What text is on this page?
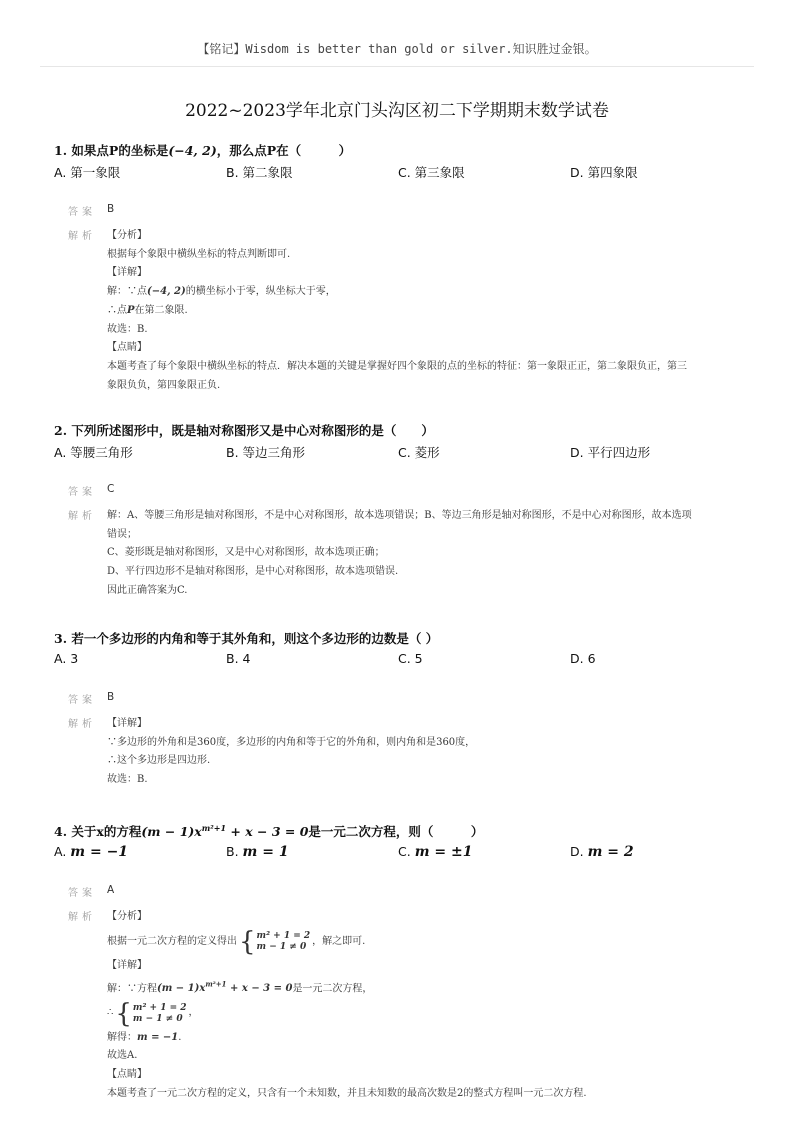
【铭记】Wisdom is better than gold or silver.知识胜过金银。
2022~2023学年北京门头沟区初二下学期期末数学试卷
1. 如果点P的坐标是(−4, 2)，那么点P在（　　　）
A. 第一象限	B. 第二象限	C. 第三象限	D. 第四象限
答案 B
解析 【分析】

根据每个象限中横纵坐标的特点判断即可.

【详解】

解：∵点(−4, 2)的横坐标小于零，纵坐标大于零，

∴点P在第二象限.

故选：B.

【点睛】

本题考查了每个象限中横纵坐标的特点．解决本题的关键是掌握好四个象限的点的坐标的特征：第一象限正正，第二象限负正，第三

象限负负，第四象限正负.

2. 下列所述图形中，既是轴对称图形又是中心对称图形的是（　　）
A. 等腰三角形	B. 等边三角形	C. 菱形	D. 平行四边形
答案 C
解析 解：A、等腰三角形是轴对称图形，不是中心对称图形，故本选项错误；B、等边三角形是轴对称图形，不是中心对称图形，故本选项

错误；

C、菱形既是轴对称图形，又是中心对称图形，故本选项正确；

D、平行四边形不是轴对称图形，是中心对称图形，故本选项错误.

因此正确答案为C.

3. 若一个多边形的内角和等于其外角和，则这个多边形的边数是（ ）
A. 3	B. 4	C. 5	D. 6
答案 B
解析 【详解】

∵多边形的外角和是360度，多边形的内角和等于它的外角和，则内角和是360度，

∴这个多边形是四边形.

故选：B.

4. 关于x的方程$(m - 1)x^{m^2+1} + x - 3 = 0$是一元二次方程，则（　　　）
A. m = −1	B. m = 1	C. m = ±1	D. m = 2
答案 A
解析 【分析】

根据一元二次方程的定义得出 { m² + 1 = 2
m − 1 ≠ 0
，解之即可.

【详解】

解：∵方程$(m - 1)x^{m^2+1} + x - 3 = 0$是一元二次方程，

∴ { m² + 1 = 2
m − 1 ≠ 0
，

解得：m = −1.

故选A.

【点睛】

本题考查了一元二次方程的定义，只含有一个未知数，并且未知数的最高次数是2的整式方程叫一元二次方程.
